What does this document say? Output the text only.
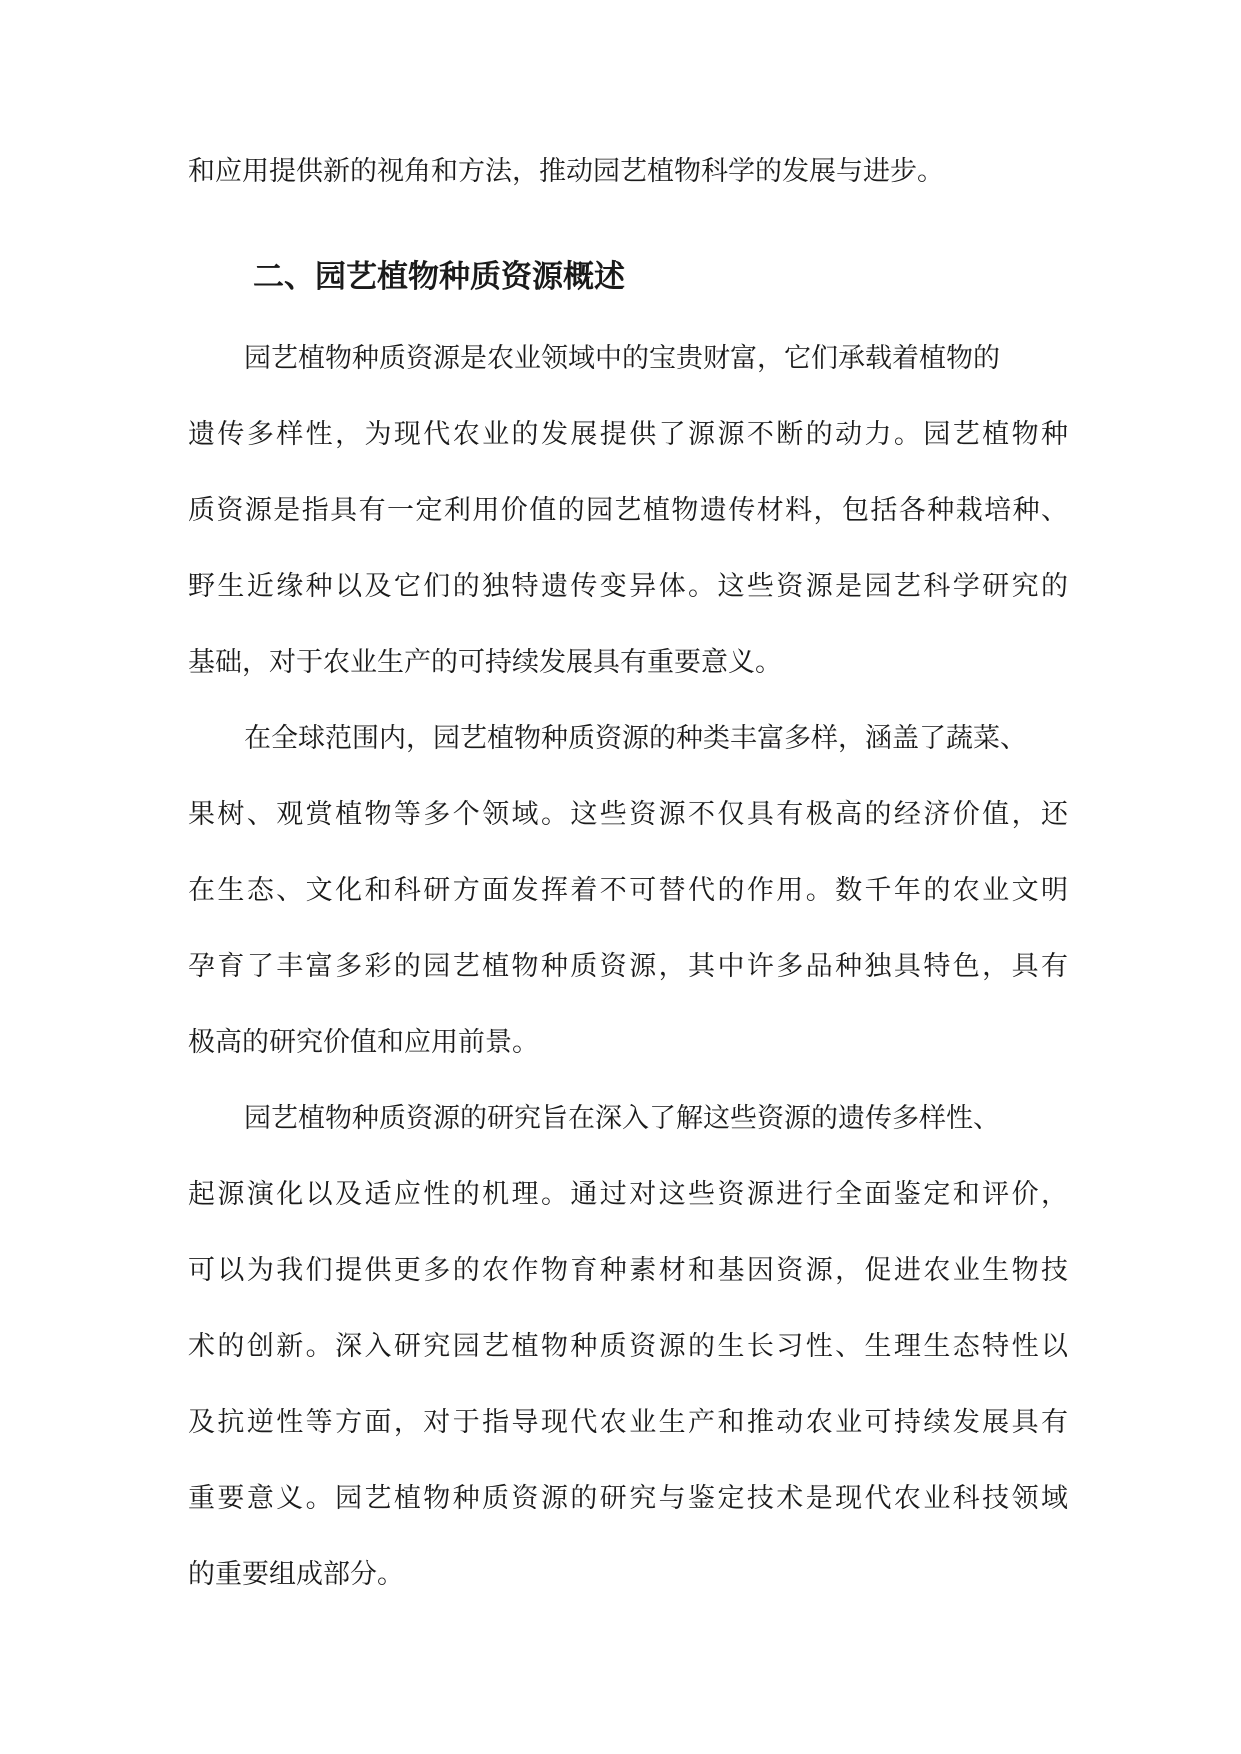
和应用提供新的视角和方法，推动园艺植物科学的发展与进步。
二、园艺植物种质资源概述
园艺植物种质资源是农业领域中的宝贵财富，它们承载着植物的
遗传多样性，为现代农业的发展提供了源源不断的动力。园艺植物种
质资源是指具有一定利用价值的园艺植物遗传材料，包括各种栽培种、
野生近缘种以及它们的独特遗传变异体。这些资源是园艺科学研究的
基础，对于农业生产的可持续发展具有重要意义。
在全球范围内，园艺植物种质资源的种类丰富多样，涵盖了蔬菜、
果树、观赏植物等多个领域。这些资源不仅具有极高的经济价值，还
在生态、文化和科研方面发挥着不可替代的作用。数千年的农业文明
孕育了丰富多彩的园艺植物种质资源，其中许多品种独具特色，具有
极高的研究价值和应用前景。
园艺植物种质资源的研究旨在深入了解这些资源的遗传多样性、
起源演化以及适应性的机理。通过对这些资源进行全面鉴定和评价，
可以为我们提供更多的农作物育种素材和基因资源，促进农业生物技
术的创新。深入研究园艺植物种质资源的生长习性、生理生态特性以
及抗逆性等方面，对于指导现代农业生产和推动农业可持续发展具有
重要意义。园艺植物种质资源的研究与鉴定技术是现代农业科技领域
的重要组成部分。
